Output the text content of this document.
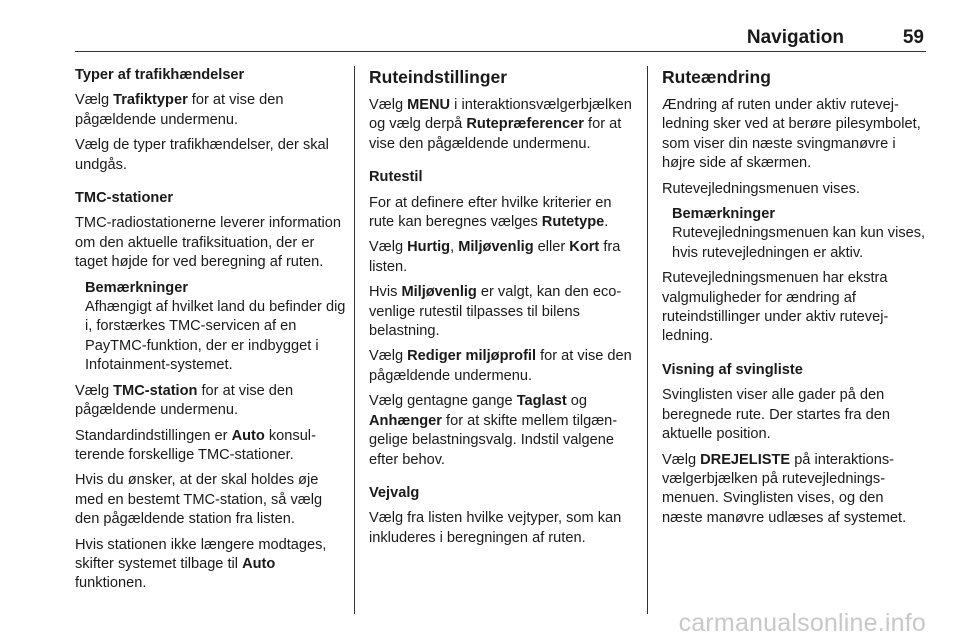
Navigation	59

Typer af trafikhændelser

Vælg Trafiktyper for at vise den pågældende undermenu.

Vælg de typer trafikhændelser, der skal undgås.

TMC-stationer

TMC-radiostationerne leverer information om den aktuelle trafiksituation, der er taget højde for ved beregning af ruten.

Bemærkninger
Afhængigt af hvilket land du befinder dig i, forstærkes TMC-servicen af en PayTMC-funktion, der er indbygget i Infotainment-systemet.

Vælg TMC-station for at vise den pågældende undermenu.

Standardindstillingen er Auto konsulterende forskellige TMC-stationer.

Hvis du ønsker, at der skal holdes øje med en bestemt TMC-station, så vælg den pågældende station fra listen.

Hvis stationen ikke længere modtages, skifter systemet tilbage til Auto funktionen.

Ruteindstillinger

Vælg MENU i interaktionsvælgerbjælken og vælg derpå Rutepræferencer for at vise den pågældende undermenu.

Rutestil

For at definere efter hvilke kriterier en rute kan beregnes vælges Rutetype.

Vælg Hurtig, Miljøvenlig eller Kort fra listen.

Hvis Miljøvenlig er valgt, kan den eco-venlige rutestil tilpasses til bilens belastning.

Vælg Rediger miljøprofil for at vise den pågældende undermenu.

Vælg gentagne gange Taglast og Anhænger for at skifte mellem tilgængelige belastningsvalg. Indstil valgene efter behov.

Vejvalg

Vælg fra listen hvilke vejtyper, som kan inkluderes i beregningen af ruten.

Ruteændring

Ændring af ruten under aktiv rutevejledning sker ved at berøre pilesymbolet, som viser din næste svingmanøvre i højre side af skærmen.

Rutevejledningsmenuen vises.

Bemærkninger
Rutevejledningsmenuen kan kun vises, hvis rutevejledningen er aktiv.

Rutevejledningsmenuen har ekstra valgmuligheder for ændring af ruteindstillinger under aktiv rutevejledning.

Visning af svingliste

Svinglisten viser alle gader på den beregnede rute. Der startes fra den aktuelle position.

Vælg DREJELISTE på interaktionsvælgerbjælken på rutevejledningsmenuen. Svinglisten vises, og den næste manøvre udlæses af systemet.

carmanualsonline.info
